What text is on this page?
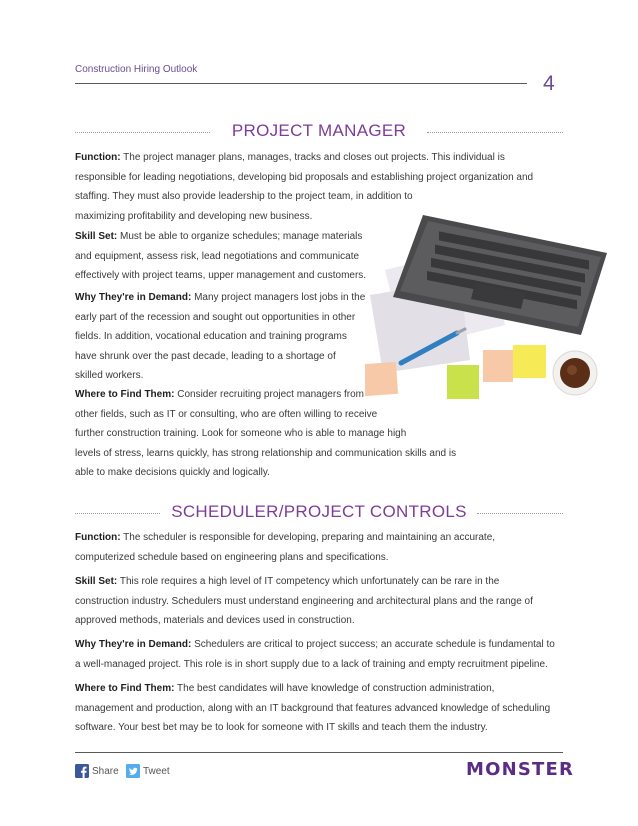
Construction Hiring Outlook
4
PROJECT MANAGER
Function: The project manager plans, manages, tracks and closes out projects. This individual is
responsible for leading negotiations, developing bid proposals and establishing project organization and
staffing. They must also provide leadership to the project team, in addition to
maximizing profitability and developing new business.
Skill Set: Must be able to organize schedules; manage materials
and equipment, assess risk, lead negotiations and communicate
effectively with project teams, upper management and customers.
Why They're in Demand: Many project managers lost jobs in the
early part of the recession and sought out opportunities in other
fields. In addition, vocational education and training programs
have shrunk over the past decade, leading to a shortage of
skilled workers.
Where to Find Them: Consider recruiting project managers from
other fields, such as IT or consulting, who are often willing to receive
further construction training. Look for someone who is able to manage high
levels of stress, learns quickly, has strong relationship and communication skills and is
able to make decisions quickly and logically.
SCHEDULER/PROJECT CONTROLS
Function: The scheduler is responsible for developing, preparing and maintaining an accurate,
computerized schedule based on engineering plans and specifications.
Skill Set: This role requires a high level of IT competency which unfortunately can be rare in the
construction industry. Schedulers must understand engineering and architectural plans and the range of
approved methods, materials and devices used in construction.
Why They're in Demand: Schedulers are critical to project success; an accurate schedule is fundamental to
a well-managed project. This role is in short supply due to a lack of training and empty recruitment pipeline.
Where to Find Them: The best candidates will have knowledge of construction administration,
management and production, along with an IT background that features advanced knowledge of scheduling
software. Your best bet may be to look for someone with IT skills and teach them the industry.
Share Tweet	MONSTER
